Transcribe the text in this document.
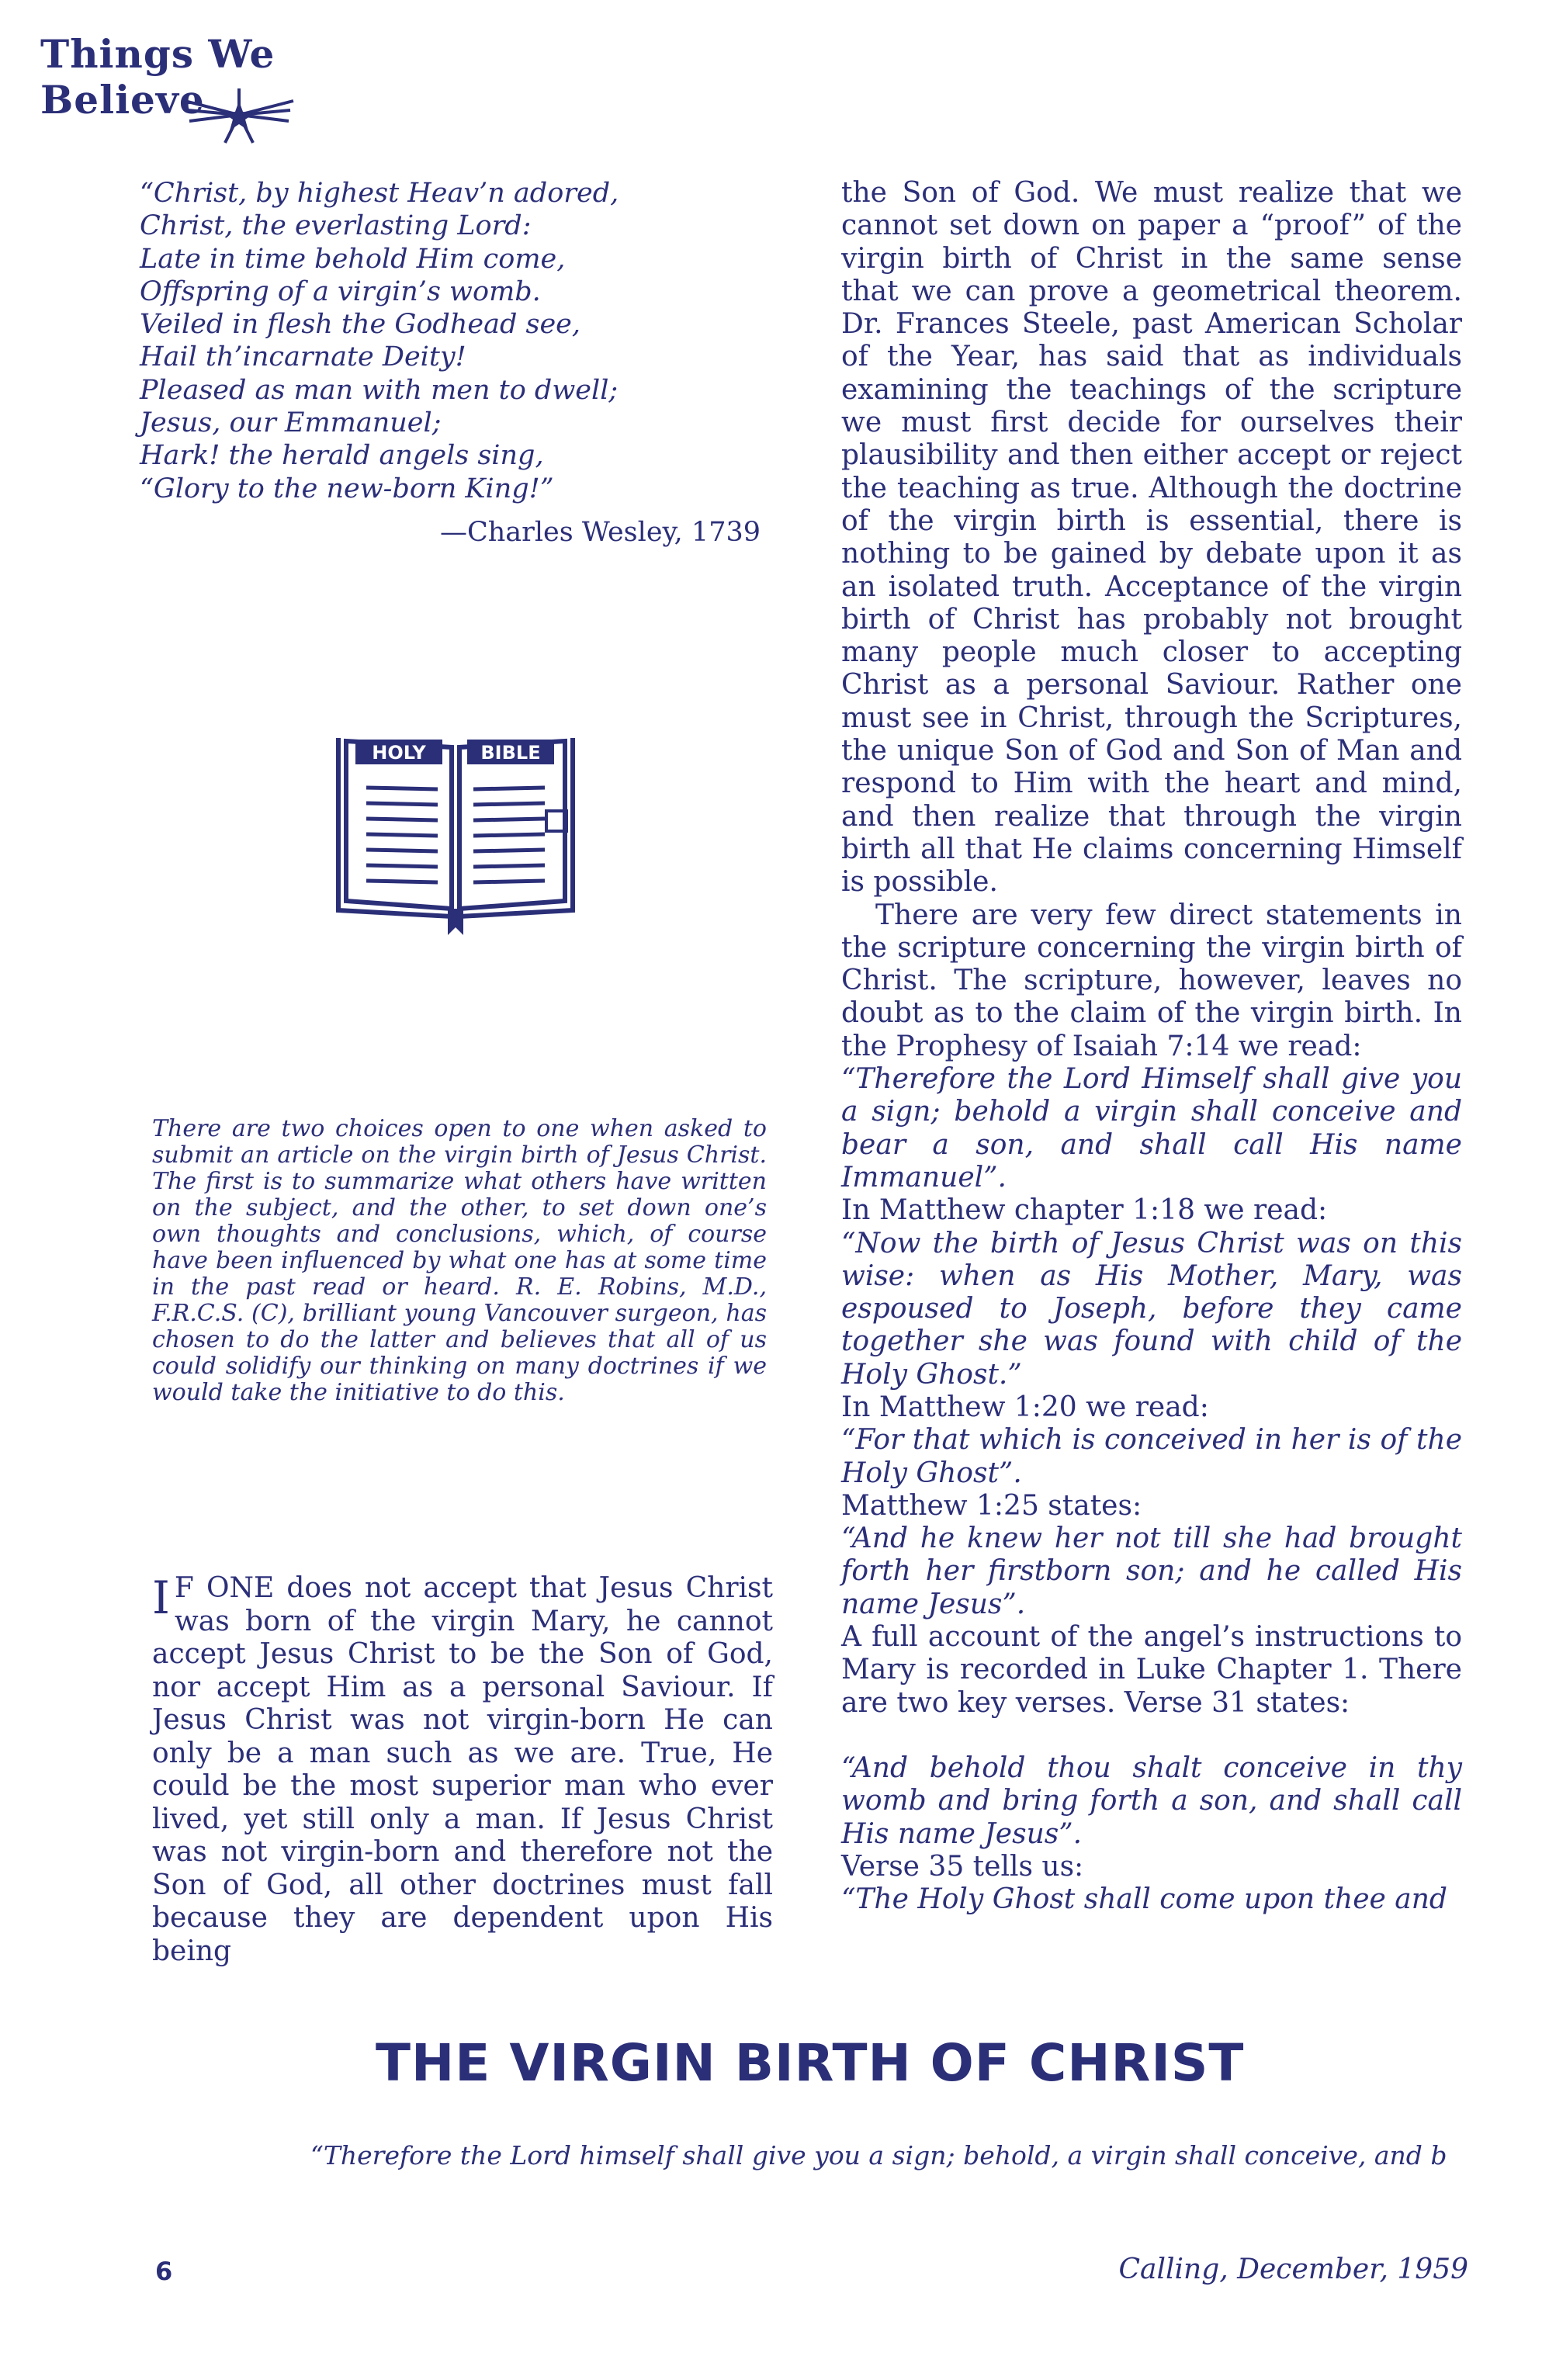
Things We Believe
“Christ, by highest Heav’n adored,
Christ, the everlasting Lord:
Late in time behold Him come,
Offspring of a virgin’s womb.
Veiled in flesh the Godhead see,
Hail th’incarnate Deity!
Pleased as man with men to dwell;
Jesus, our Emmanuel;
Hark! the herald angels sing,
“Glory to the new-born King!”
—Charles Wesley, 1739
HOLY	BIBLE
There are two choices open to one when asked to submit an article on the virgin birth of Jesus Christ. The first is to summarize what others have written on the subject, and the other, to set down one’s own thoughts and conclusions, which, of course have been influenced by what one has at some time in the past read or heard. R. E. Robins, M.D., F.R.C.S. (C), brilliant young Vancouver surgeon, has chosen to do the latter and believes that all of us could solidify our thinking on many doctrines if we would take the initiative to do this.
I F ONE does not accept that Jesus Christ was born of the virgin Mary, he cannot accept Jesus Christ to be the Son of God, nor accept Him as a personal Saviour. If Jesus Christ was not virgin-born He can only be a man such as we are. True, He could be the most superior man who ever lived, yet still only a man. If Jesus Christ was not virgin-born and therefore not the Son of God, all other doctrines must fall because they are dependent upon His being

the Son of God. We must realize that we cannot set down on paper a “proof” of the virgin birth of Christ in the same sense that we can prove a geometrical theorem. Dr. Frances Steele, past American Scholar of the Year, has said that as individuals examining the teachings of the scripture we must first decide for ourselves their plausibility and then either accept or reject the teaching as true. Although the doctrine of the virgin birth is essential, there is nothing to be gained by debate upon it as an isolated truth. Acceptance of the virgin birth of Christ has probably not brought many people much closer to accepting Christ as a personal Saviour. Rather one must see in Christ, through the Scriptures, the unique Son of God and Son of Man and respond to Him with the heart and mind, and then realize that through the virgin birth all that He claims concerning Himself is possible.

There are very few direct statements in the scripture concerning the virgin birth of Christ. The scripture, however, leaves no doubt as to the claim of the virgin birth. In the Prophesy of Isaiah 7:14 we read:

“Therefore the Lord Himself shall give you a sign; behold a virgin shall conceive and bear a son, and shall call His name Immanuel”.

In Matthew chapter 1:18 we read:

“Now the birth of Jesus Christ was on this wise: when as His Mother, Mary, was espoused to Joseph, before they came together she was found with child of the Holy Ghost.”

In Matthew 1:20 we read:

“For that which is conceived in her is of the Holy Ghost”.

Matthew 1:25 states:

“And he knew her not till she had brought forth her firstborn son; and he called His name Jesus”.

A full account of the angel’s instructions to Mary is recorded in Luke Chapter 1. There are two key verses. Verse 31 states:

“And behold thou shalt conceive in thy womb and bring forth a son, and shall call His name Jesus”.

Verse 35 tells us:

“The Holy Ghost shall come upon thee and

THE VIRGIN BIRTH OF CHRIST
“Therefore the Lord himself shall give you a sign; behold, a virgin shall conceive, and b
6	Calling, December, 1959
